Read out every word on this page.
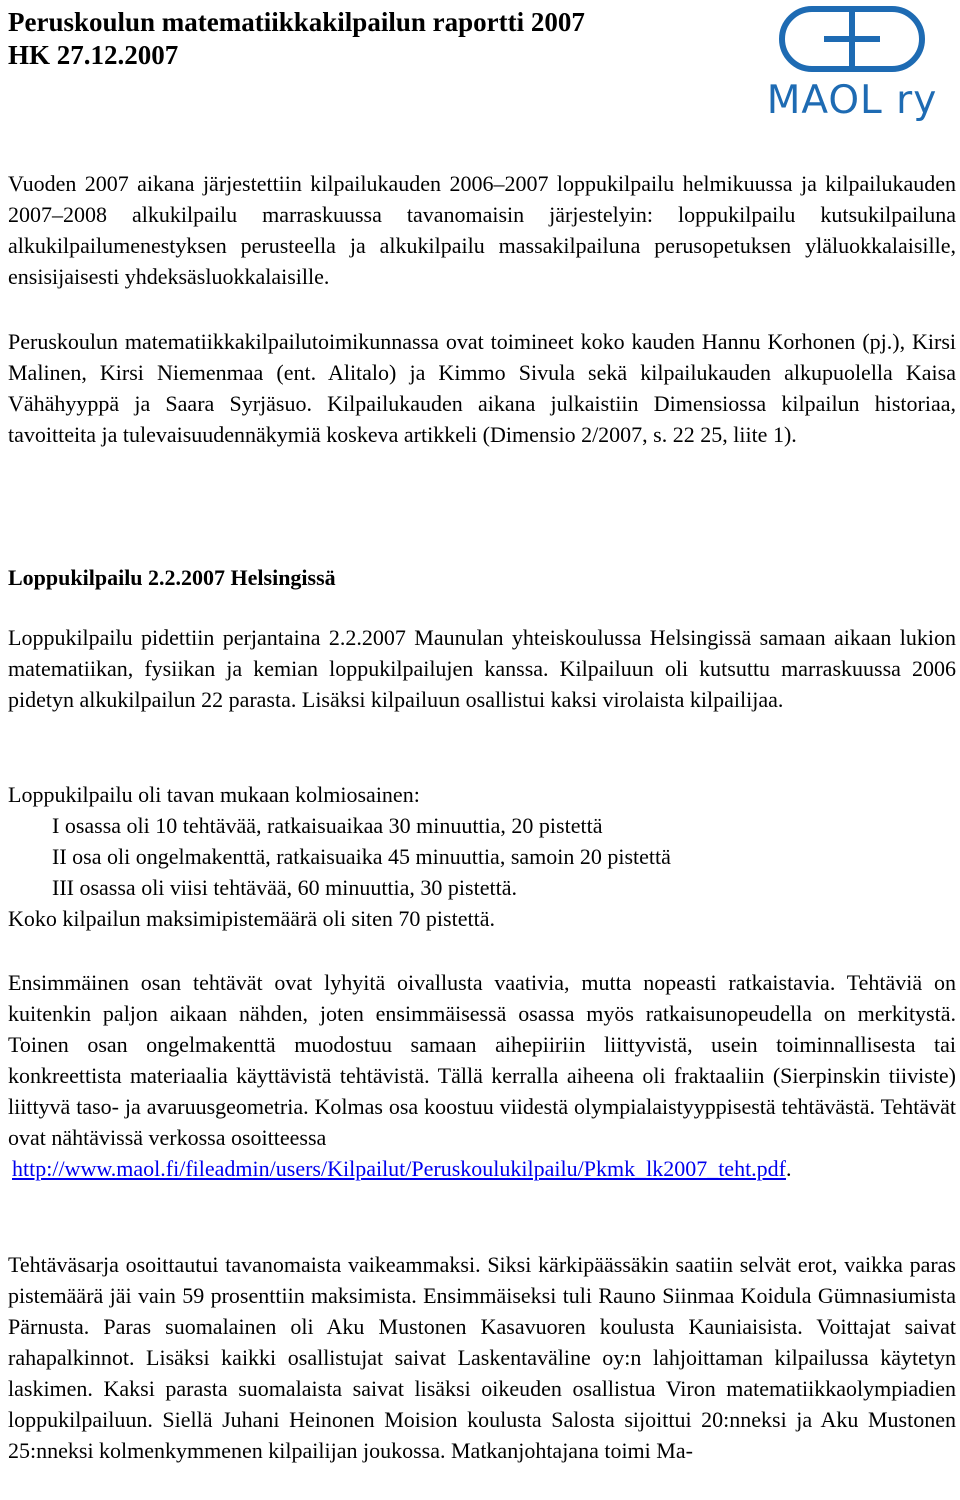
Peruskoulun matematiikkakilpailun raportti 2007
HK 27.12.2007
MAOL ry

Vuoden 2007 aikana järjestettiin kilpailukauden 2006–2007 loppukilpailu helmikuussa ja kilpailukauden 2007–2008 alkukilpailu marraskuussa tavanomaisin järjestelyin: loppukilpailu kutsukilpailuna alkukilpailumenestyksen perusteella ja alkukilpailu massakilpailuna perusopetuksen yläluokkalaisille, ensisijaisesti yhdeksäsluokkalaisille.

Peruskoulun matematiikkakilpailutoimikunnassa ovat toimineet koko kauden Hannu Korhonen (pj.), Kirsi Malinen, Kirsi Niemenmaa (ent. Alitalo) ja Kimmo Sivula sekä kilpailukauden alkupuolella Kaisa Vähähyyppä ja Saara Syrjäsuo. Kilpailukauden aikana julkaistiin Dimensiossa kilpailun historiaa, tavoitteita ja tulevaisuudennäkymiä koskeva artikkeli (Dimensio 2/2007, s. 22 25, liite 1).

Loppukilpailu 2.2.2007 Helsingissä

Loppukilpailu pidettiin perjantaina 2.2.2007 Maunulan yhteiskoulussa Helsingissä samaan aikaan lukion matematiikan, fysiikan ja kemian loppukilpailujen kanssa. Kilpailuun oli kutsuttu marraskuussa 2006 pidetyn alkukilpailun 22 parasta. Lisäksi kilpailuun osallistui kaksi virolaista kilpailijaa.

Loppukilpailu oli tavan mukaan kolmiosainen:
I osassa oli 10 tehtävää, ratkaisuaikaa 30 minuuttia, 20 pistettä
II osa oli ongelmakenttä, ratkaisuaika 45 minuuttia, samoin 20 pistettä
III osassa oli viisi tehtävää, 60 minuuttia, 30 pistettä.
Koko kilpailun maksimipistemäärä oli siten 70 pistettä.
Ensimmäinen osan tehtävät ovat lyhyitä oivallusta vaativia, mutta nopeasti ratkaistavia. Tehtäviä on kuitenkin paljon aikaan nähden, joten ensimmäisessä osassa myös ratkaisunopeudella on merkitystä. Toinen osan ongelmakenttä muodostuu samaan aihepiiriin liittyvistä, usein toiminnallisesta tai konkreettista materiaalia käyttävistä tehtävistä. Tällä kerralla aiheena oli fraktaaliin (Sierpinskin tiiviste) liittyvä taso- ja avaruusgeometria. Kolmas osa koostuu viidestä olympialaistyyppisestä tehtävästä. Tehtävät ovat nähtävissä verkossa osoitteessa
http://www.maol.fi/fileadmin/users/Kilpailut/Peruskoulukilpailu/Pkmk_lk2007_teht.pdf.

Tehtäväsarja osoittautui tavanomaista vaikeammaksi. Siksi kärkipäässäkin saatiin selvät erot, vaikka paras pistemäärä jäi vain 59 prosenttiin maksimista. Ensimmäiseksi tuli Rauno Siinmaa Koidula Gümnasiumista Pärnusta. Paras suomalainen oli Aku Mustonen Kasavuoren koulusta Kauniaisista. Voittajat saivat rahapalkinnot. Lisäksi kaikki osallistujat saivat Laskentaväline oy:n lahjoittaman kilpailussa käytetyn laskimen. Kaksi parasta suomalaista saivat lisäksi oikeuden osallistua Viron matematiikkaolympiadien loppukilpailuun. Siellä Juhani Heinonen Moision koulusta Salosta sijoittui 20:nneksi ja Aku Mustonen 25:nneksi kolmenkymmenen kilpailijan joukossa. Matkanjohtajana toimi Ma-
